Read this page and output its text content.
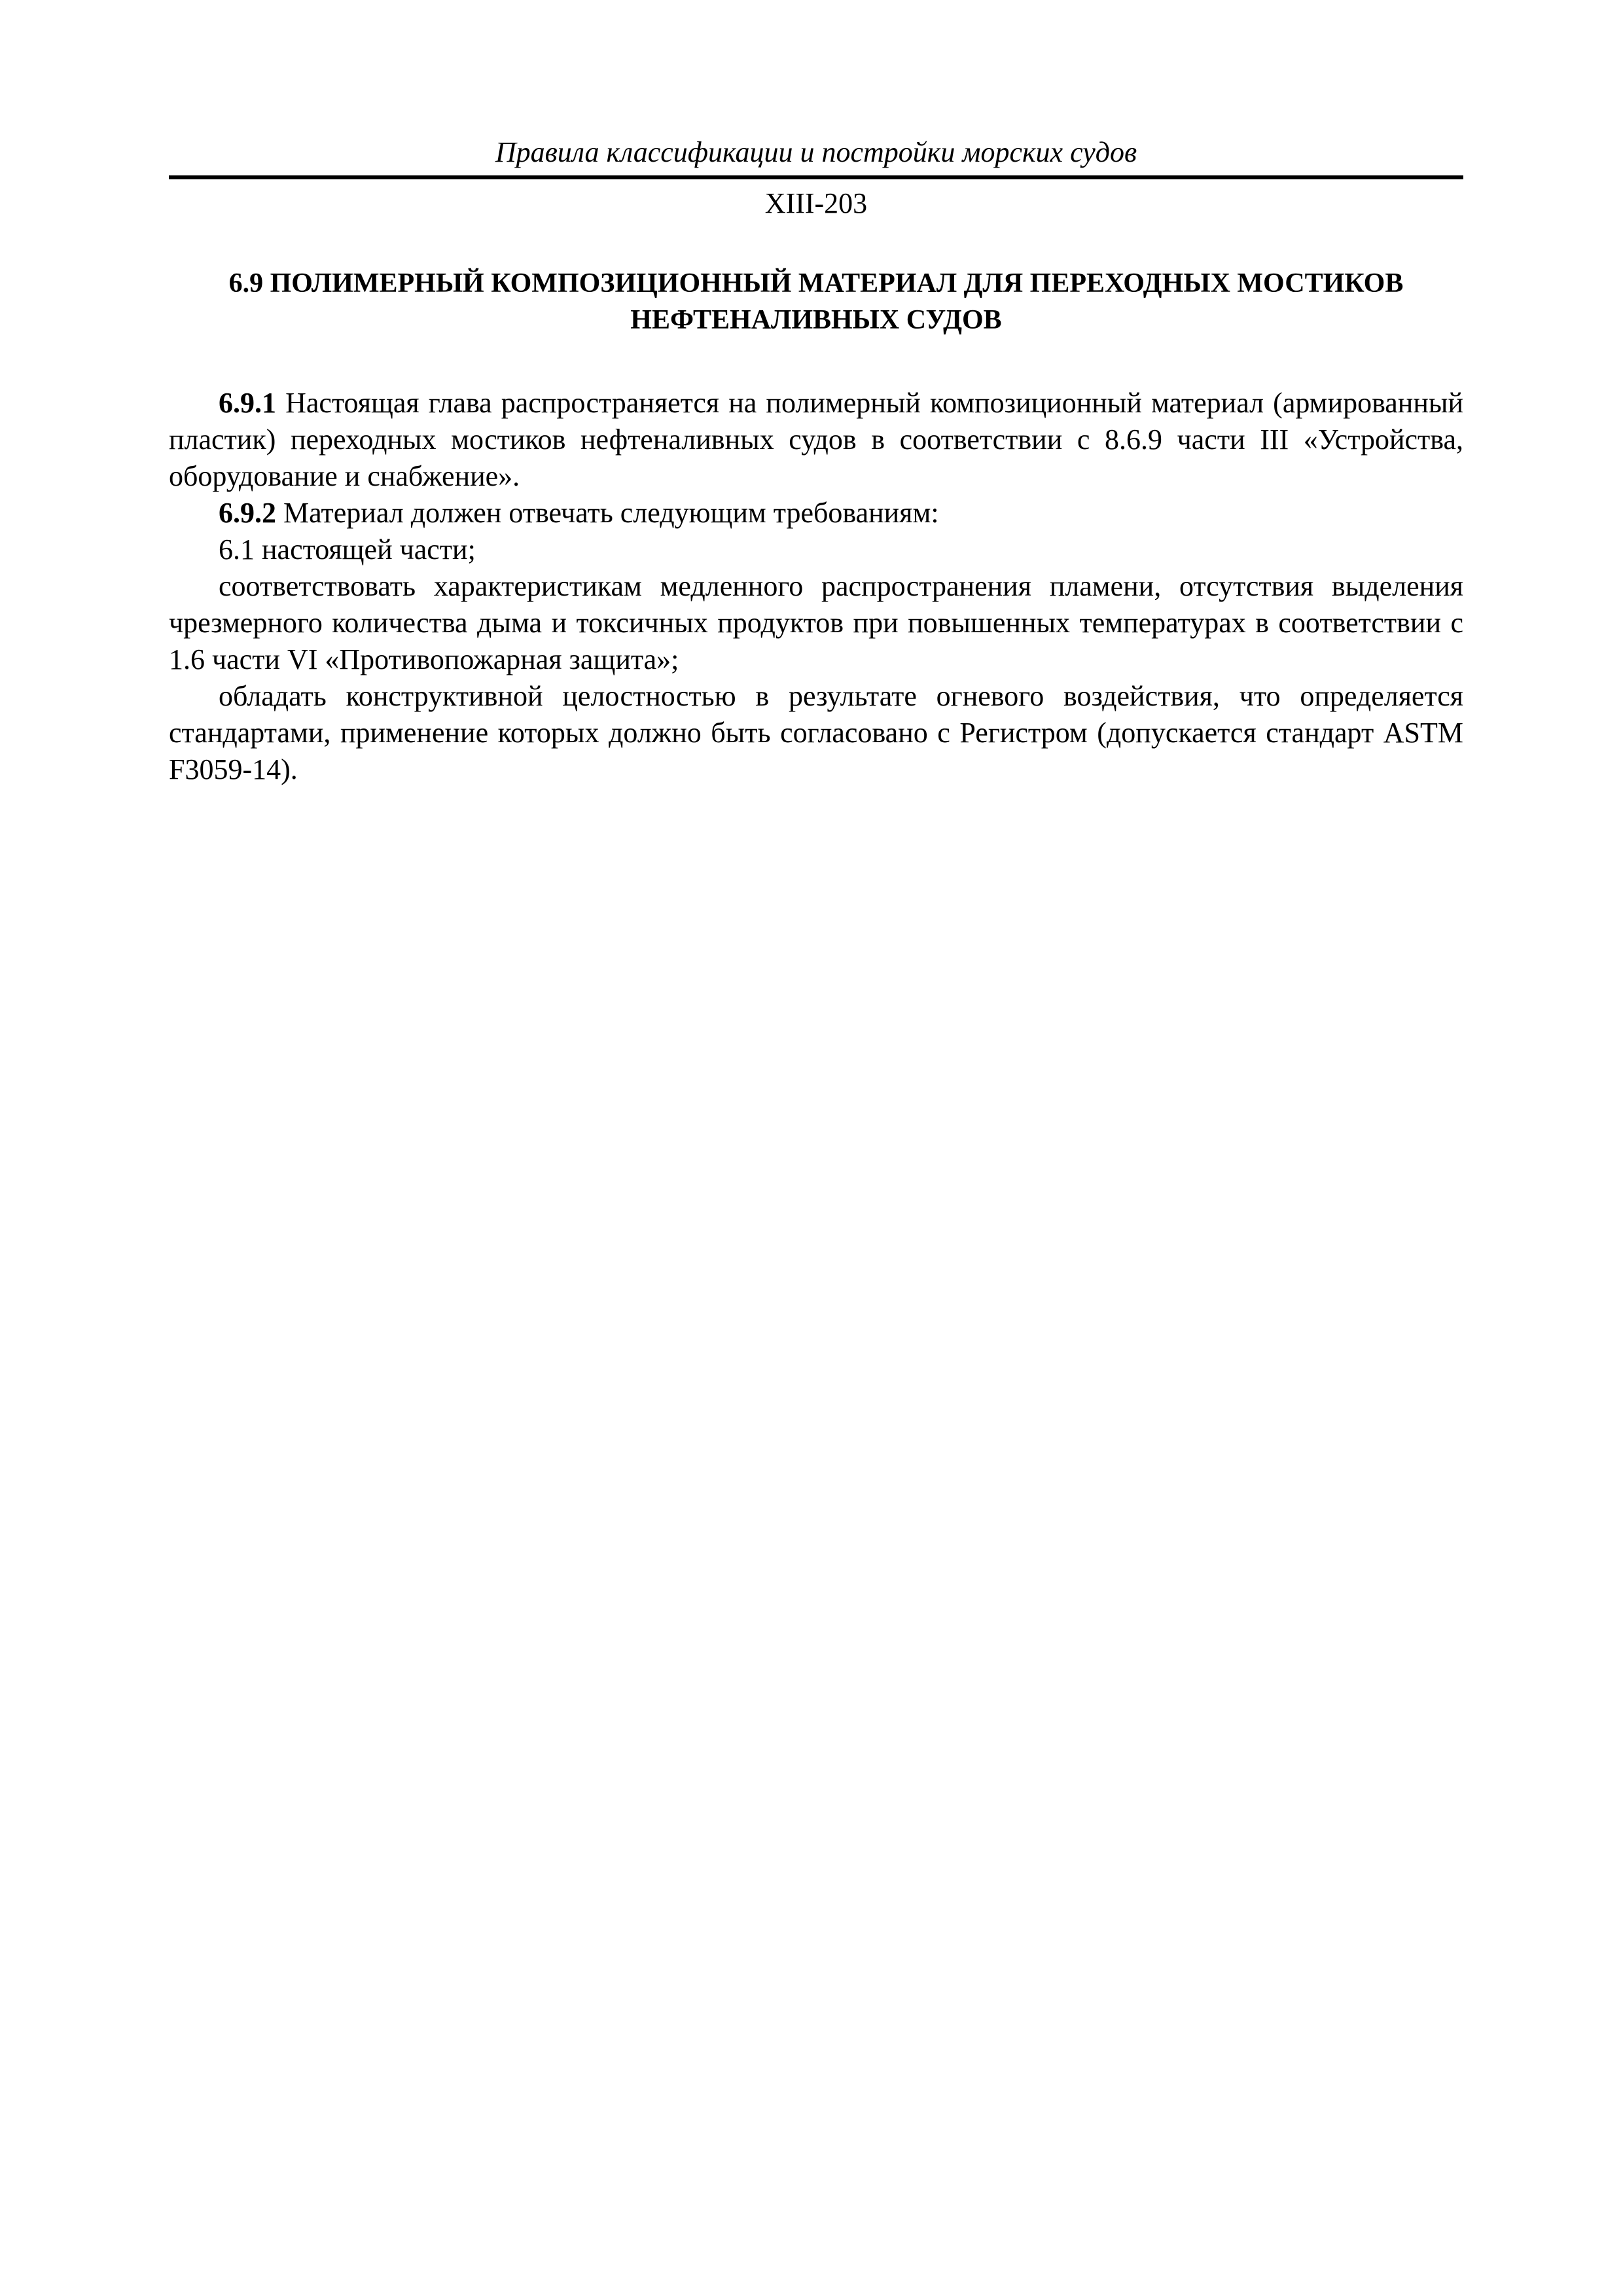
Правила классификации и постройки морских судов
XIII-203
6.9 ПОЛИМЕРНЫЙ КОМПОЗИЦИОННЫЙ МАТЕРИАЛ ДЛЯ ПЕРЕХОДНЫХ МОСТИКОВ
НЕФТЕНАЛИВНЫХ СУДОВ

6.9.1 Настоящая глава распространяется на полимерный композиционный материал (армированный пластик) переходных мостиков нефтеналивных судов в соответствии с 8.6.9 части III «Устройства, оборудование и снабжение».

6.9.2 Материал должен отвечать следующим требованиям:

6.1 настоящей части;

соответствовать характеристикам медленного распространения пламени, отсутствия выделения чрезмерного количества дыма и токсичных продуктов при повышенных температурах в соответствии с 1.6 части VI «Противопожарная защита»;

обладать конструктивной целостностью в результате огневого воздействия, что определяется стандартами, применение которых должно быть согласовано с Регистром (допускается стандарт ASTM F3059-14).
